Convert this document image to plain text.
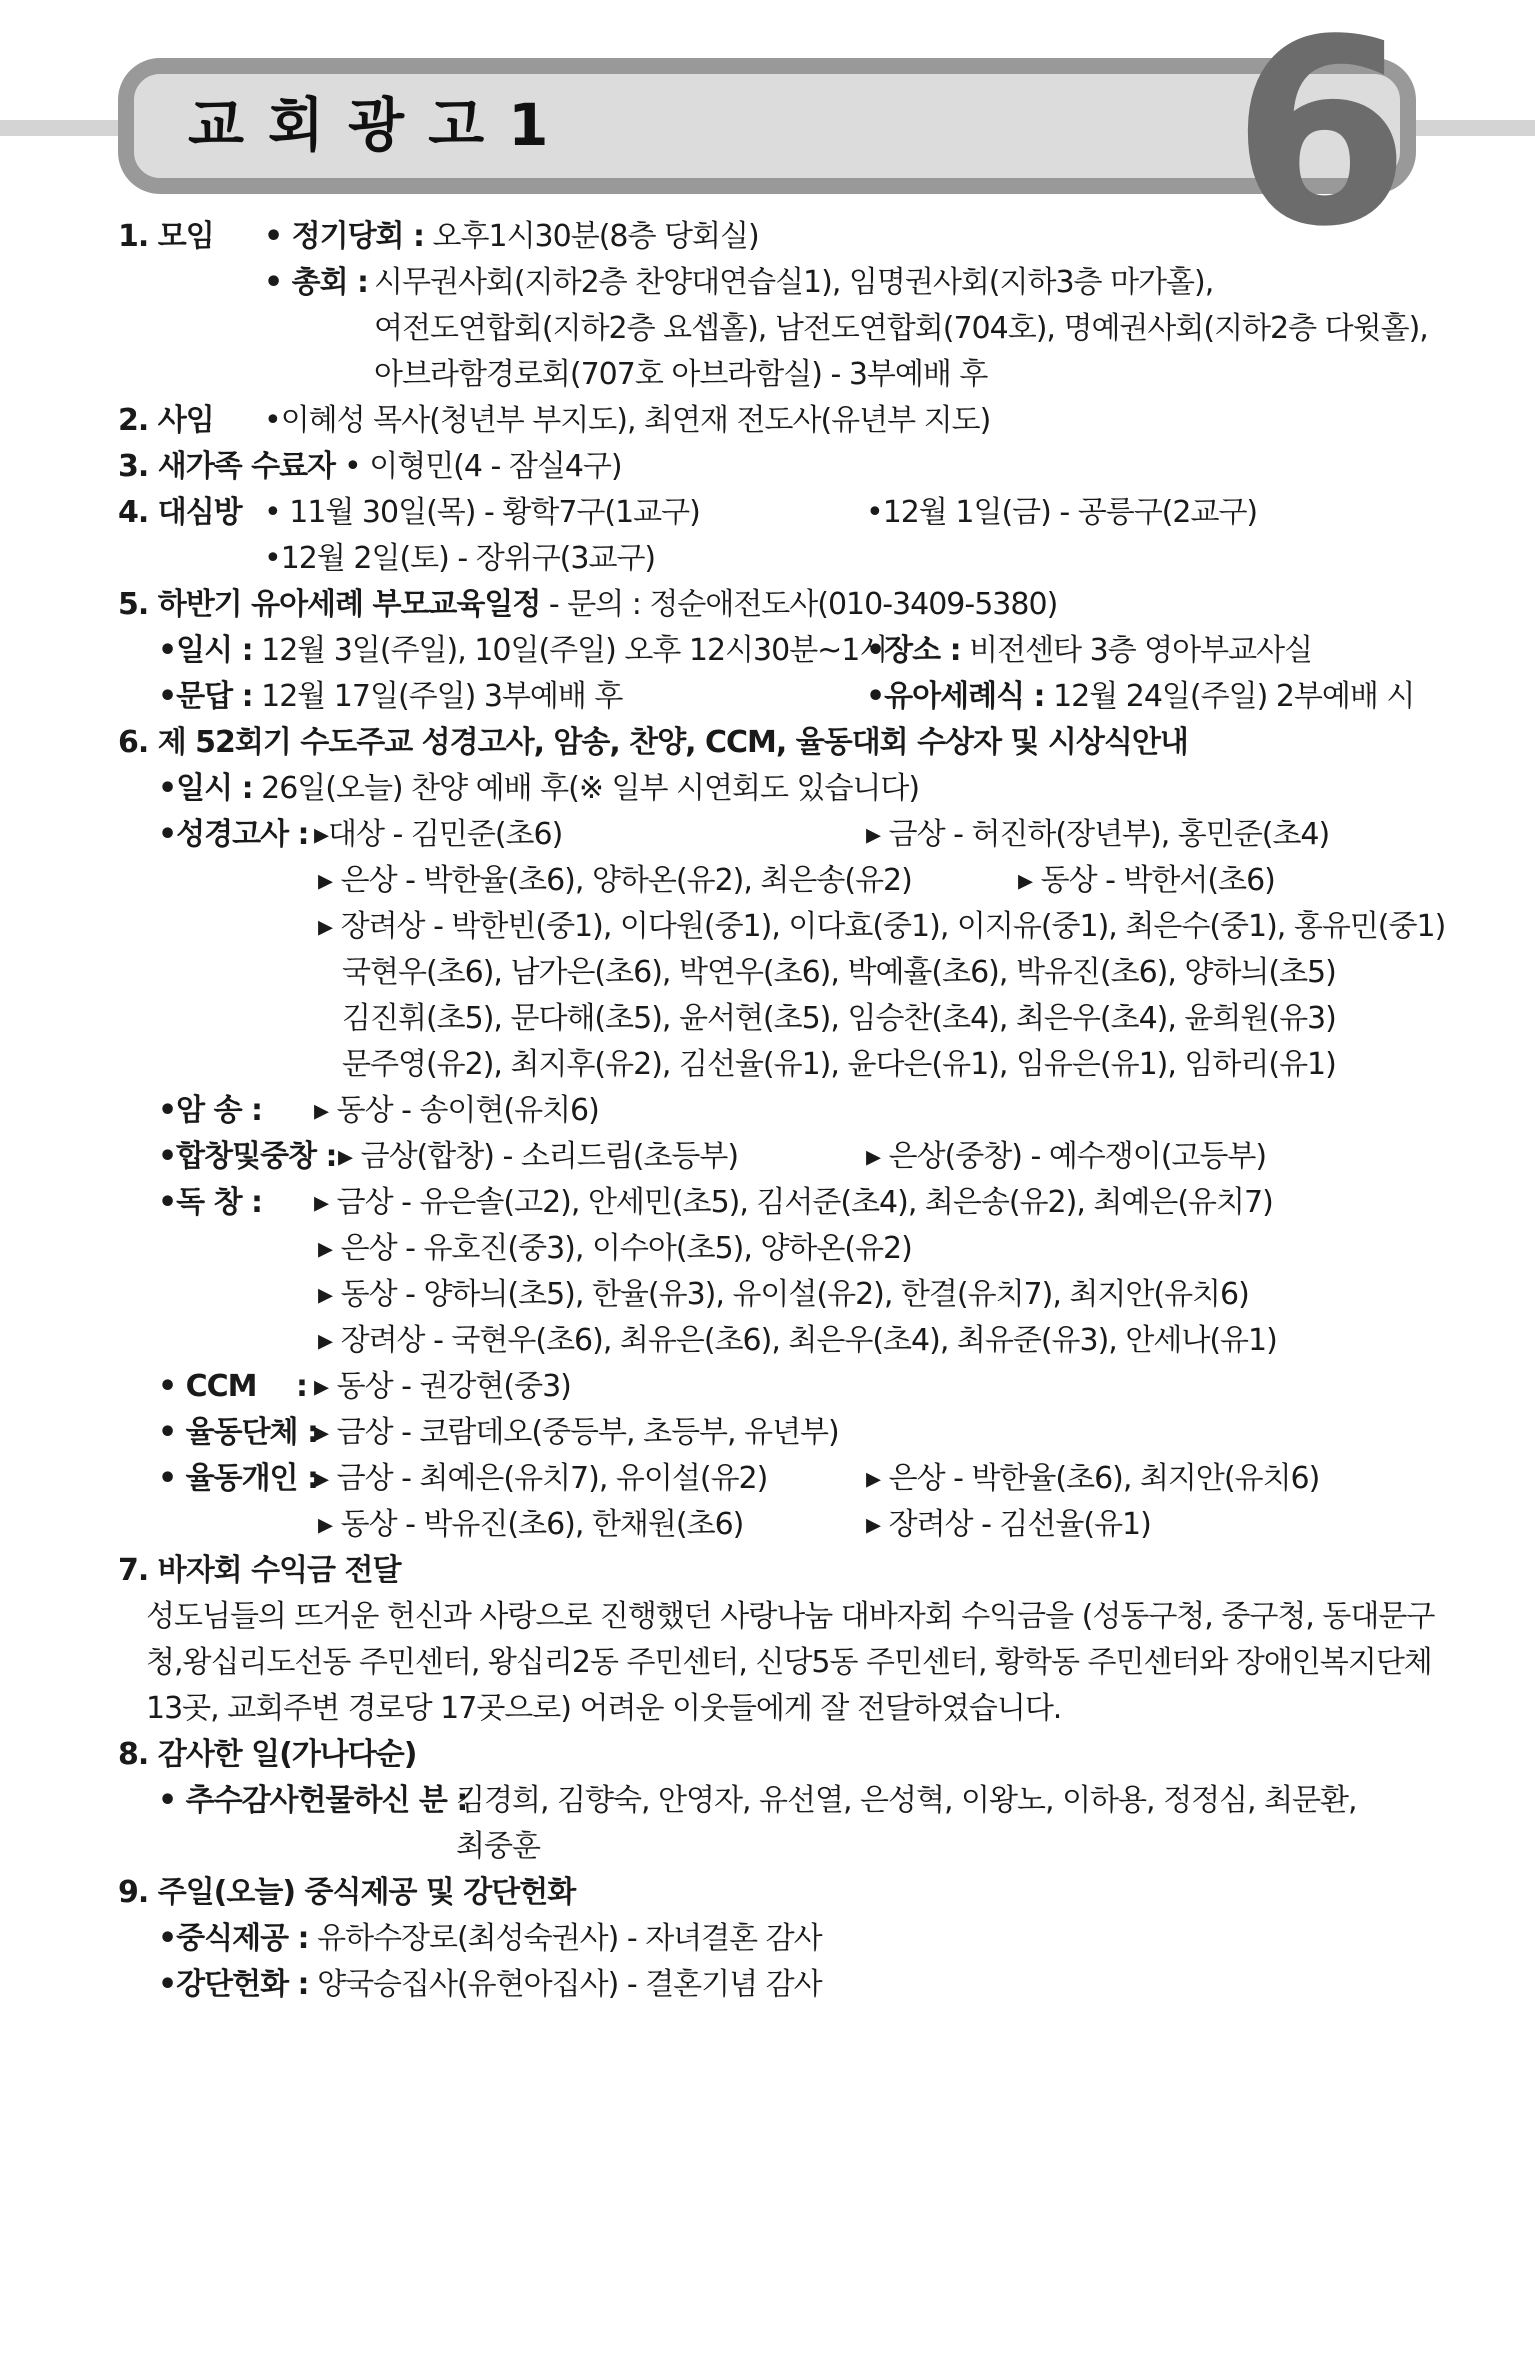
교회광고1	6
1. 모임 • 정기당회 : 오후1시30분(8층 당회실)
• 총회 : 시무권사회(지하2층 찬양대연습실1), 임명권사회(지하3층 마가홀),
여전도연합회(지하2층 요셉홀), 남전도연합회(704호), 명예권사회(지하2층 다윗홀),
아브라함경로회(707호 아브라함실) - 3부예배 후
2. 사임 •이혜성 목사(청년부 부지도), 최연재 전도사(유년부 지도)
3. 새가족 수료자 • 이형민(4 - 잠실4구)
4. 대심방 • 11월 30일(목) - 황학7구(1교구)	•12월 1일(금) - 공릉구(2교구)
•12월 2일(토) - 장위구(3교구)
5. 하반기 유아세례 부모교육일정 - 문의 : 정순애전도사(010-3409-5380)
•일시 : 12월 3일(주일), 10일(주일) 오후 12시30분~1시
•장소 : 비전센타 3층 영아부교사실
•문답 : 12월 17일(주일) 3부예배 후	•유아세례식 : 12월 24일(주일) 2부예배 시
6. 제 52회기 수도주교 성경고사, 암송, 찬양, CCM, 율동대회 수상자 및 시상식안내
•일시 : 26일(오늘) 찬양 예배 후(※ 일부 시연회도 있습니다)
•성경고사 : ▸대상 - 김민준(초6)	▸ 금상 - 허진하(장년부), 홍민준(초4)
▸ 은상 - 박한율(초6), 양하온(유2), 최은송(유2)	▸ 동상 - 박한서(초6)
▸ 장려상 - 박한빈(중1), 이다원(중1), 이다효(중1), 이지유(중1), 최은수(중1), 홍유민(중1)
국현우(초6), 남가은(초6), 박연우(초6), 박예휼(초6), 박유진(초6), 양하늬(초5)
김진휘(초5), 문다해(초5), 윤서현(초5), 임승찬(초4), 최은우(초4), 윤희원(유3)
문주영(유2), 최지후(유2), 김선율(유1), 윤다은(유1), 임유은(유1), 임하리(유1)
•암 송 : ▸ 동상 - 송이현(유치6)
•합창및중창 : ▸ 금상(합창) - 소리드림(초등부)	▸ 은상(중창) - 예수쟁이(고등부)
•독 창 : ▸ 금상 - 유은솔(고2), 안세민(초5), 김서준(초4), 최은송(유2), 최예은(유치7)
▸ 은상 - 유호진(중3), 이수아(초5), 양하온(유2)
▸ 동상 - 양하늬(초5), 한율(유3), 유이설(유2), 한결(유치7), 최지안(유치6)
▸ 장려상 - 국현우(초6), 최유은(초6), 최은우(초4), 최유준(유3), 안세나(유1)
• CCM : ▸ 동상 - 권강현(중3)
• 율동단체 :
▸ 금상 - 코람데오(중등부, 초등부, 유년부)
• 율동개인 :
▸ 금상 - 최예은(유치7), 유이설(유2)	▸ 은상 - 박한율(초6), 최지안(유치6)
▸ 동상 - 박유진(초6), 한채원(초6)	▸ 장려상 - 김선율(유1)
7. 바자회 수익금 전달
성도님들의 뜨거운 헌신과 사랑으로 진행했던 사랑나눔 대바자회 수익금을 (성동구청, 중구청, 동대문구
청,왕십리도선동 주민센터, 왕십리2동 주민센터, 신당5동 주민센터, 황학동 주민센터와 장애인복지단체
13곳, 교회주변 경로당 17곳으로) 어려운 이웃들에게 잘 전달하였습니다.
8. 감사한 일(가나다순)
• 추수감사헌물하신 분 :
김경희, 김향숙, 안영자, 유선열, 은성혁, 이왕노, 이하용, 정정심, 최문환,
최중훈
9. 주일(오늘) 중식제공 및 강단헌화
•중식제공 : 유하수장로(최성숙권사) - 자녀결혼 감사
•강단헌화 : 양국승집사(유현아집사) - 결혼기념 감사
